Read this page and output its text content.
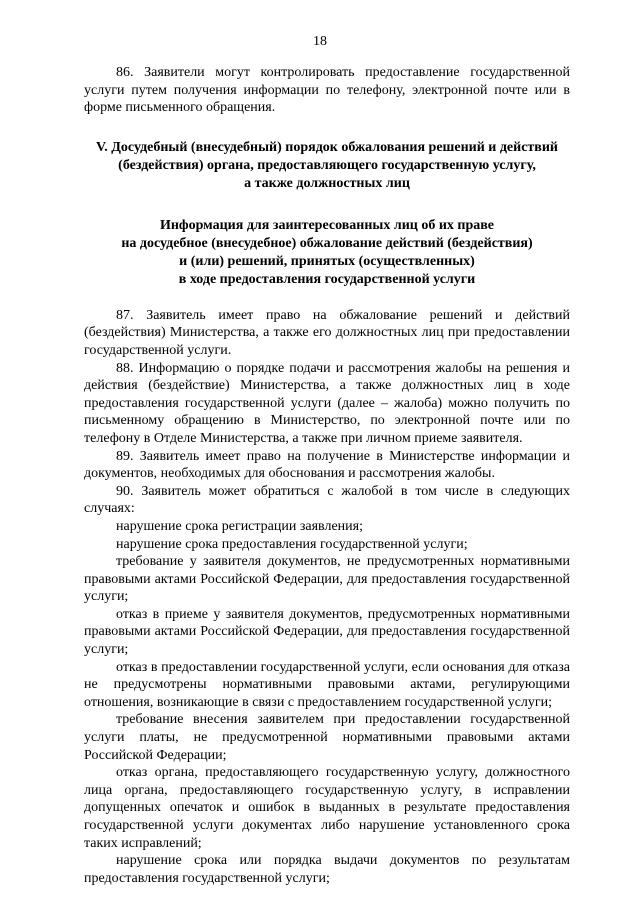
18

86. Заявители могут контролировать предоставление государственной услуги путем получения информации по телефону, электронной почте или в форме письменного обращения.

V. Досудебный (внесудебный) порядок обжалования решений и действий
(бездействия) органа, предоставляющего государственную услугу,
а также должностных лиц
Информация для заинтересованных лиц об их праве
на досудебное (внесудебное) обжалование действий (бездействия)
и (или) решений, принятых (осуществленных)
в ходе предоставления государственной услуги

87. Заявитель имеет право на обжалование решений и действий (бездействия) Министерства, а также его должностных лиц при предоставлении государственной услуги.

88. Информацию о порядке подачи и рассмотрения жалобы на решения и действия (бездействие) Министерства, а также должностных лиц в ходе предоставления государственной услуги (далее – жалоба) можно получить по письменному обращению в Министерство, по электронной почте или по телефону в Отделе Министерства, а также при личном приеме заявителя.

89. Заявитель имеет право на получение в Министерстве информации и документов, необходимых для обоснования и рассмотрения жалобы.

90. Заявитель может обратиться с жалобой в том числе в следующих случаях:

нарушение срока регистрации заявления;

нарушение срока предоставления государственной услуги;

требование у заявителя документов, не предусмотренных нормативными правовыми актами Российской Федерации, для предоставления государственной услуги;

отказ в приеме у заявителя документов, предусмотренных нормативными правовыми актами Российской Федерации, для предоставления государственной услуги;

отказ в предоставлении государственной услуги, если основания для отказа не предусмотрены нормативными правовыми актами, регулирующими отношения, возникающие в связи с предоставлением государственной услуги;

требование внесения заявителем при предоставлении государственной услуги платы, не предусмотренной нормативными правовыми актами Российской Федерации;

отказ органа, предоставляющего государственную услугу, должностного лица органа, предоставляющего государственную услугу, в исправлении допущенных опечаток и ошибок в выданных в результате предоставления государственной услуги документах либо нарушение установленного срока таких исправлений;

нарушение срока или порядка выдачи документов по результатам предоставления государственной услуги;
